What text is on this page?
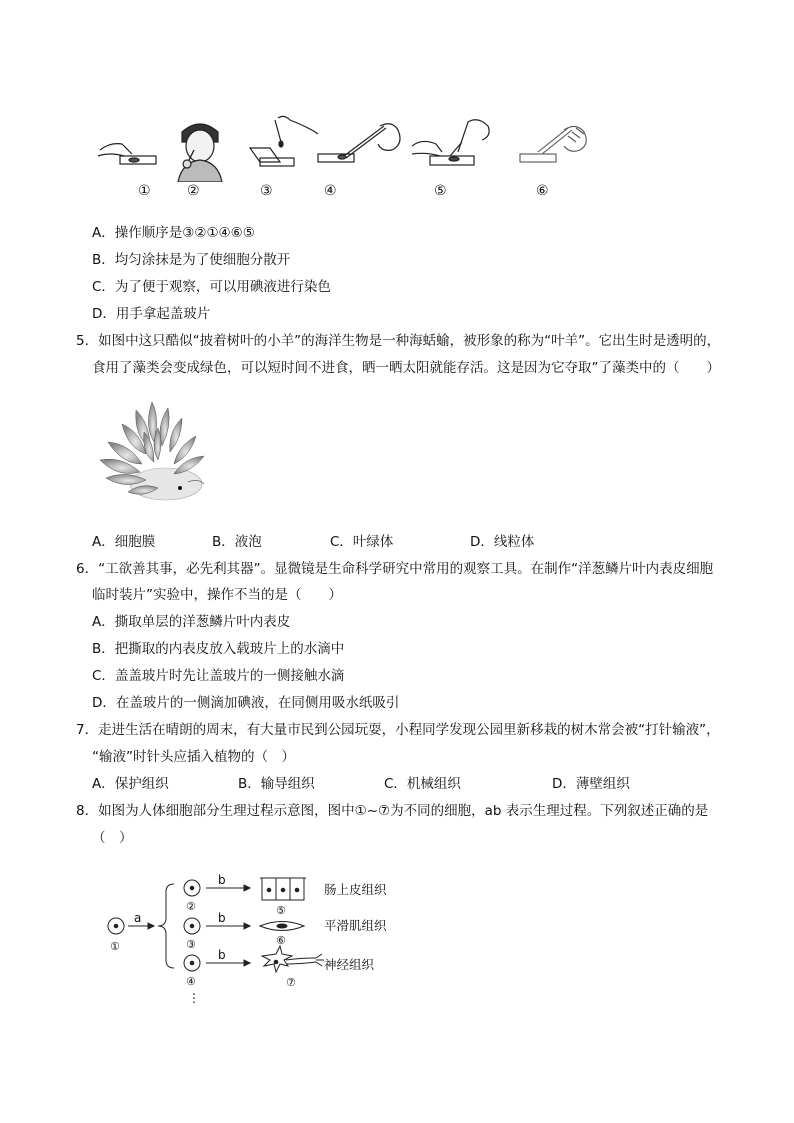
①	②	③	④	⑤	⑥
A．操作顺序是③②①④⑥⑤
B．均匀涂抹是为了使细胞分散开
C．为了便于观察，可以用碘液进行染色
D．用手拿起盖玻片
5．如图中这只酷似“披着树叶的小羊”的海洋生物是一种海蛞蝓，被形象的称为“叶羊”。它出生时是透明的，
食用了藻类会变成绿色，可以短时间不进食，晒一晒太阳就能存活。这是因为它夺取”了藻类中的（　　）
A．细胞膜	B．液泡	C．叶绿体	D．线粒体
6．“工欲善其事，必先利其器”。显微镜是生命科学研究中常用的观察工具。在制作“洋葱鳞片叶内表皮细胞
临时装片”实验中，操作不当的是（　　）
A．撕取单层的洋葱鳞片叶内表皮
B．把撕取的内表皮放入载玻片上的水滴中
C．盖盖玻片时先让盖玻片的一侧接触水滴
D．在盖玻片的一侧滴加碘液，在同侧用吸水纸吸引
7．走进生活在晴朗的周末，有大量市民到公园玩耍，小程同学发现公园里新移栽的树木常会被“打针输液”，
“输液”时针头应插入植物的（　）
A．保护组织	B．输导组织	C．机械组织	D．薄壁组织
8．如图为人体细胞部分生理过程示意图，图中①~⑦为不同的细胞，ab 表示生理过程。下列叙述正确的是
（　）
a
b
b
b
①
②
③
④
⑤
⑥
⑦
肠上皮组织
平滑肌组织
神经组织
⋮
